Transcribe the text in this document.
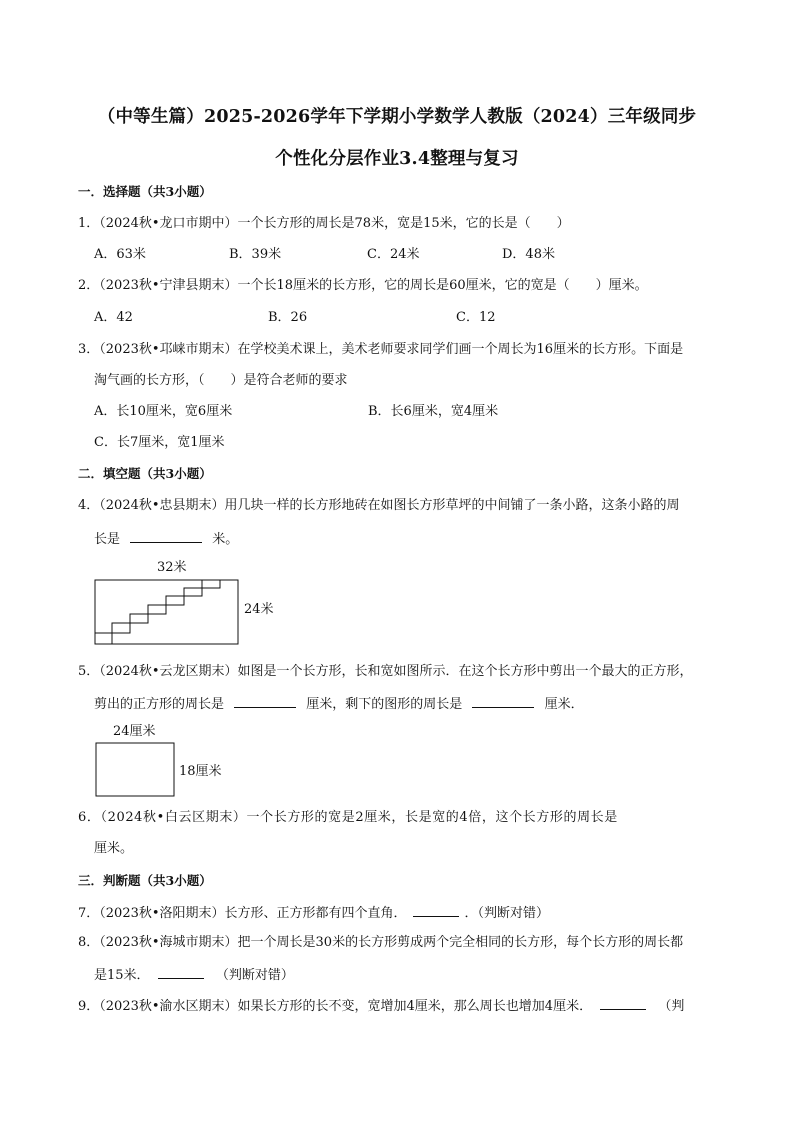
（中等生篇）2025-2026学年下学期小学数学人教版（2024）三年级同步
个性化分层作业3.4整理与复习
一．选择题（共3小题）
1．（2024秋•龙口市期中）一个长方形的周长是78米，宽是15米，它的长是（　　）
A．63米	B．39米	C．24米	D．48米
2．（2023秋•宁津县期末）一个长18厘米的长方形，它的周长是60厘米，它的宽是（　　）厘米。
A．42	B．26	C．12
3．（2023秋•邛崃市期末）在学校美术课上，美术老师要求同学们画一个周长为16厘米的长方形。下面是
淘气画的长方形，（　　）是符合老师的要求
A．长10厘米，宽6厘米	B．长6厘米，宽4厘米
C．长7厘米，宽1厘米
二．填空题（共3小题）
4．（2024秋•忠县期末）用几块一样的长方形地砖在如图长方形草坪的中间铺了一条小路，这条小路的周
长是	米。
32米
24米
5．（2024秋•云龙区期末）如图是一个长方形，长和宽如图所示．在这个长方形中剪出一个最大的正方形，
剪出的正方形的周长是	厘米，剩下的图形的周长是	厘米．
24厘米
18厘米
6．（2024秋•白云区期末）一个长方形的宽是2厘米，长是宽的4倍，这个长方形的周长是
厘米。
三．判断题（共3小题）
7．（2023秋•洛阳期末）长方形、正方形都有四个直角．	．（判断对错）
8．（2023秋•海城市期末）把一个周长是30米的长方形剪成两个完全相同的长方形，每个长方形的周长都
是15米．	（判断对错）
9．（2023秋•渝水区期末）如果长方形的长不变，宽增加4厘米，那么周长也增加4厘米．	（判
